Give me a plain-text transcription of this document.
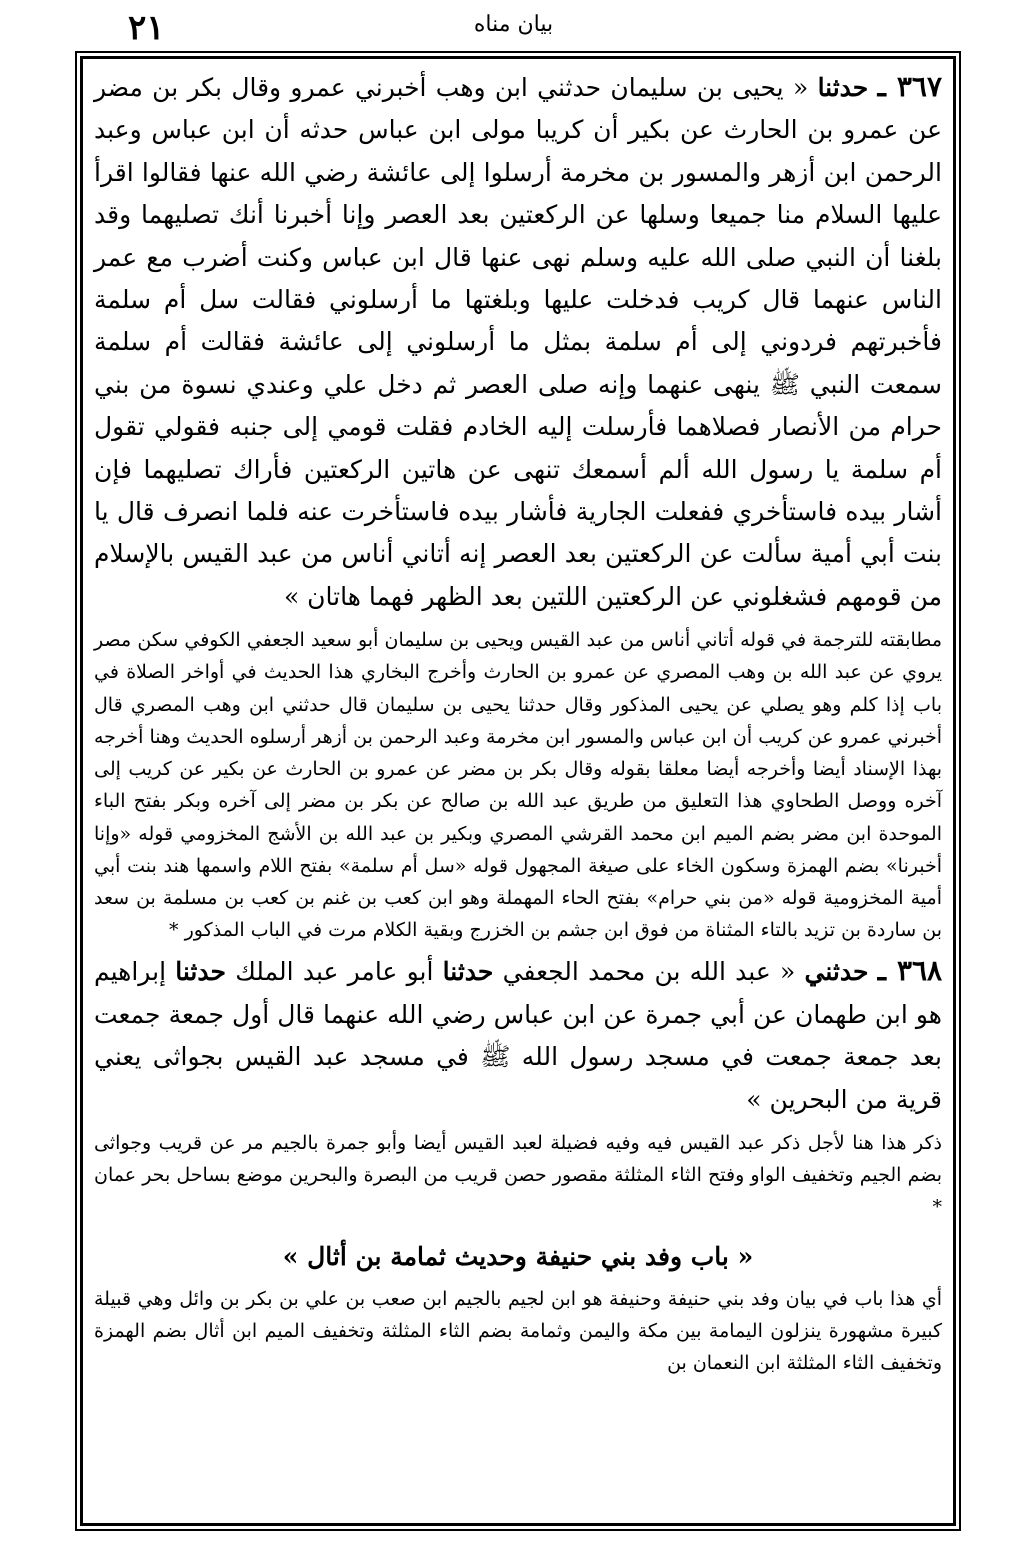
٢١	بيان مناه

٣٦٧ ـ حدثنا « يحيى بن سليمان حدثني ابن وهب أخبرني عمرو وقال بكر بن مضر عن عمرو بن الحارث عن بكير أن كريبا مولى ابن عباس حدثه أن ابن عباس وعبد الرحمن ابن أزهر والمسور بن مخرمة أرسلوا إلى عائشة رضي الله عنها فقالوا اقرأ عليها السلام منا جميعا وسلها عن الركعتين بعد العصر وإنا أخبرنا أنك تصليهما وقد بلغنا أن النبي صلى الله عليه وسلم نهى عنها قال ابن عباس وكنت أضرب مع عمر الناس عنهما قال كريب فدخلت عليها وبلغتها ما أرسلوني فقالت سل أم سلمة فأخبرتهم فردوني إلى أم سلمة بمثل ما أرسلوني إلى عائشة فقالت أم سلمة سمعت النبي ﷺ ينهى عنهما وإنه صلى العصر ثم دخل علي وعندي نسوة من بني حرام من الأنصار فصلاهما فأرسلت إليه الخادم فقلت قومي إلى جنبه فقولي تقول أم سلمة يا رسول الله ألم أسمعك تنهى عن هاتين الركعتين فأراك تصليهما فإن أشار بيده فاستأخري ففعلت الجارية فأشار بيده فاستأخرت عنه فلما انصرف قال يا بنت أبي أمية سألت عن الركعتين بعد العصر إنه أتاني أناس من عبد القيس بالإسلام من قومهم فشغلوني عن الركعتين اللتين بعد الظهر فهما هاتان »

مطابقته للترجمة في قوله أتاني أناس من عبد القيس ويحيى بن سليمان أبو سعيد الجعفي الكوفي سكن مصر يروي عن عبد الله بن وهب المصري عن عمرو بن الحارث وأخرج البخاري هذا الحديث في أواخر الصلاة في باب إذا كلم وهو يصلي عن يحيى المذكور وقال حدثنا يحيى بن سليمان قال حدثني ابن وهب المصري قال أخبرني عمرو عن كريب أن ابن عباس والمسور ابن مخرمة وعبد الرحمن بن أزهر أرسلوه الحديث وهنا أخرجه بهذا الإسناد أيضا وأخرجه أيضا معلقا بقوله وقال بكر بن مضر عن عمرو بن الحارث عن بكير عن كريب إلى آخره ووصل الطحاوي هذا التعليق من طريق عبد الله بن صالح عن بكر بن مضر إلى آخره وبكر بفتح الباء الموحدة ابن مضر بضم الميم ابن محمد القرشي المصري وبكير بن عبد الله بن الأشج المخزومي قوله «وإنا أخبرنا» بضم الهمزة وسكون الخاء على صيغة المجهول قوله «سل أم سلمة» بفتح اللام واسمها هند بنت أبي أمية المخزومية قوله «من بني حرام» بفتح الحاء المهملة وهو ابن كعب بن غنم بن كعب بن مسلمة بن سعد بن ساردة بن تزيد بالتاء المثناة من فوق ابن جشم بن الخزرج وبقية الكلام مرت في الباب المذكور *

٣٦٨ ـ حدثني « عبد الله بن محمد الجعفي حدثنا أبو عامر عبد الملك حدثنا إبراهيم هو ابن طهمان عن أبي جمرة عن ابن عباس رضي الله عنهما قال أول جمعة جمعت بعد جمعة جمعت في مسجد رسول الله ﷺ في مسجد عبد القيس بجواثى يعني قرية من البحرين »

ذكر هذا هنا لأجل ذكر عبد القيس فيه وفيه فضيلة لعبد القيس أيضا وأبو جمرة بالجيم مر عن قريب وجواثى بضم الجيم وتخفيف الواو وفتح الثاء المثلثة مقصور حصن قريب من البصرة والبحرين موضع بساحل بحر عمان *

« باب وفد بني حنيفة وحديث ثمامة بن أثال »

أي هذا باب في بيان وفد بني حنيفة وحنيفة هو ابن لجيم بالجيم ابن صعب بن علي بن بكر بن وائل وهي قبيلة كبيرة مشهورة ينزلون اليمامة بين مكة واليمن وثمامة بضم الثاء المثلثة وتخفيف الميم ابن أثال بضم الهمزة وتخفيف الثاء المثلثة ابن النعمان بن
